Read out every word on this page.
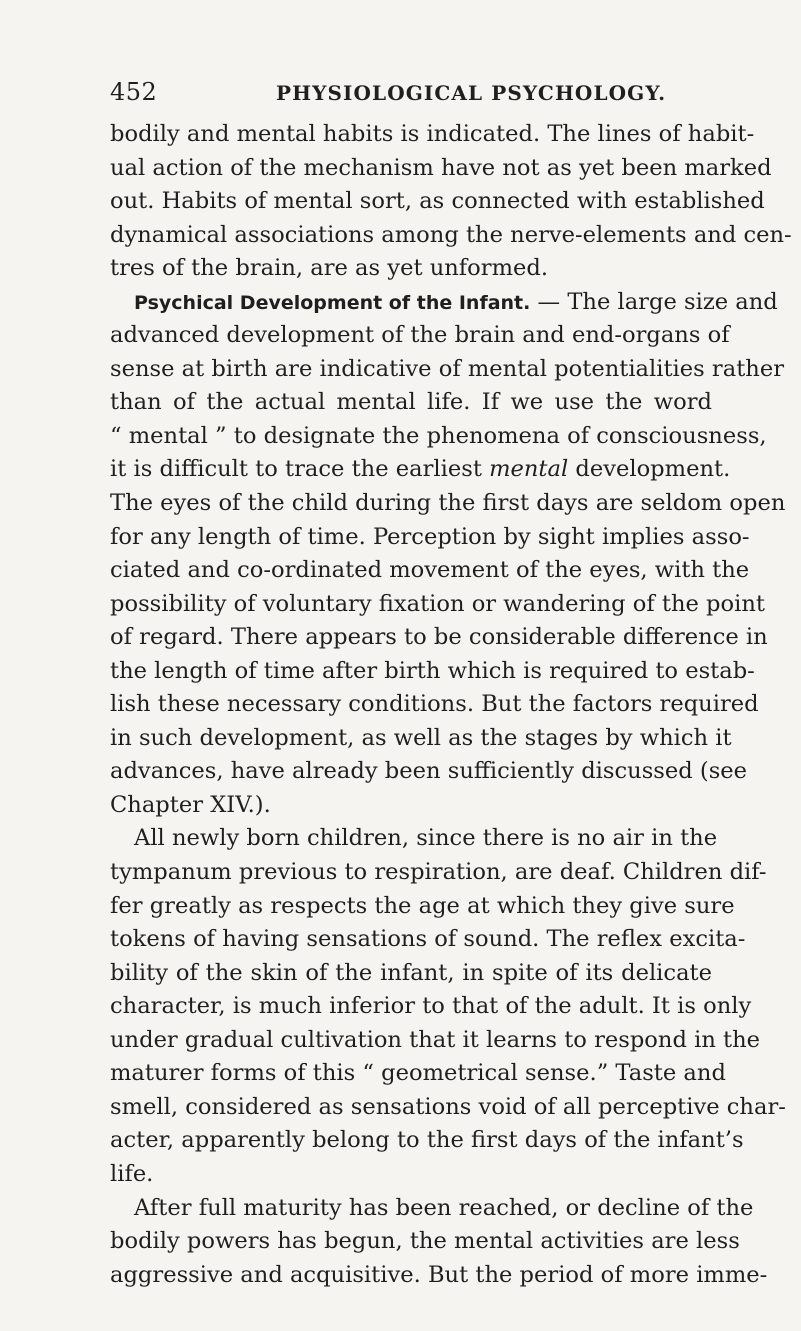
452	PHYSIOLOGICAL PSYCHOLOGY.
bodily and mental habits is indicated. The lines of habit-
ual action of the mechanism have not as yet been marked
out. Habits of mental sort, as connected with established
dynamical associations among the nerve-elements and cen-
tres of the brain, are as yet unformed.
Psychical Development of the Infant. — The large size and
advanced development of the brain and end-organs of
sense at birth are indicative of mental potentialities rather
than of the actual mental life. If we use the word
“ mental ” to designate the phenomena of consciousness,
it is difficult to trace the earliest mental development.
The eyes of the child during the first days are seldom open
for any length of time. Perception by sight implies asso-
ciated and co-ordinated movement of the eyes, with the
possibility of voluntary fixation or wandering of the point
of regard. There appears to be considerable difference in
the length of time after birth which is required to estab-
lish these necessary conditions. But the factors required
in such development, as well as the stages by which it
advances, have already been sufficiently discussed (see
Chapter XIV.).
All newly born children, since there is no air in the
tympanum previous to respiration, are deaf. Children dif-
fer greatly as respects the age at which they give sure
tokens of having sensations of sound. The reflex excita-
bility of the skin of the infant, in spite of its delicate
character, is much inferior to that of the adult. It is only
under gradual cultivation that it learns to respond in the
maturer forms of this “ geometrical sense.” Taste and
smell, considered as sensations void of all perceptive char-
acter, apparently belong to the first days of the infant’s
life.
After full maturity has been reached, or decline of the
bodily powers has begun, the mental activities are less
aggressive and acquisitive. But the period of more imme-
